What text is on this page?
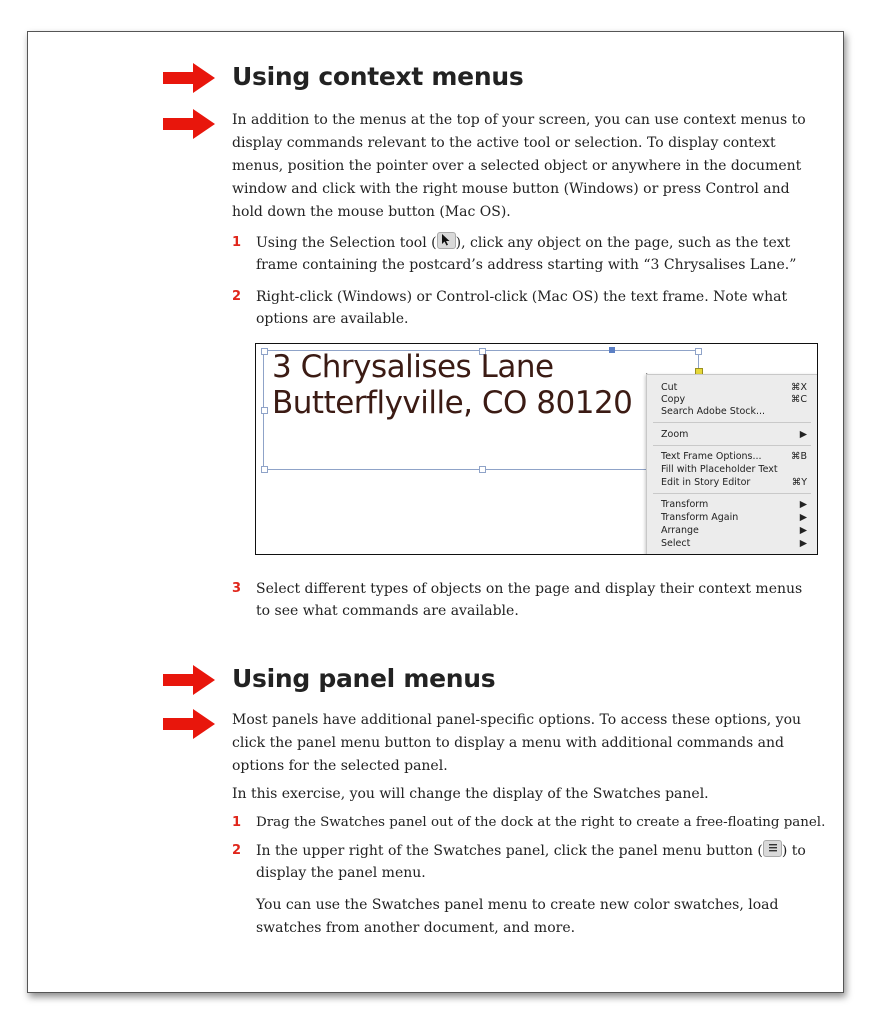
Using context menus

In addition to the menus at the top of your screen, you can use context menus to display commands relevant to the active tool or selection. To display context menus, position the pointer over a selected object or anywhere in the document window and click with the right mouse button (Windows) or press Control and hold down the mouse button (Mac OS).

1	Using the Selection tool ( ), click any object on the page, such as the text frame containing the postcard’s address starting with “3 Chrysalises Lane.”
2	Right-click (Windows) or Control-click (Mac OS) the text frame. Note what options are available.
3 Chrysalises Lane
Butterflyville, CO 80120	Cut	⌘X
Copy	⌘C
Search Adobe Stock...
Zoom	▶
Text Frame Options...	⌘B
Fill with Placeholder Text
Edit in Story Editor	⌘Y
Transform	▶
Transform Again	▶
Arrange	▶
Select	▶
3	Select different types of objects on the page and display their context menus to see what commands are available.
Using panel menus

Most panels have additional panel-specific options. To access these options, you click the panel menu button to display a menu with additional commands and options for the selected panel.

In this exercise, you will change the display of the Swatches panel.

1	Drag the Swatches panel out of the dock at the right to create a free-floating panel.
2	In the upper right of the Swatches panel, click the panel menu button ( ) to display the panel menu.

You can use the Swatches panel menu to create new color swatches, load swatches from another document, and more.
